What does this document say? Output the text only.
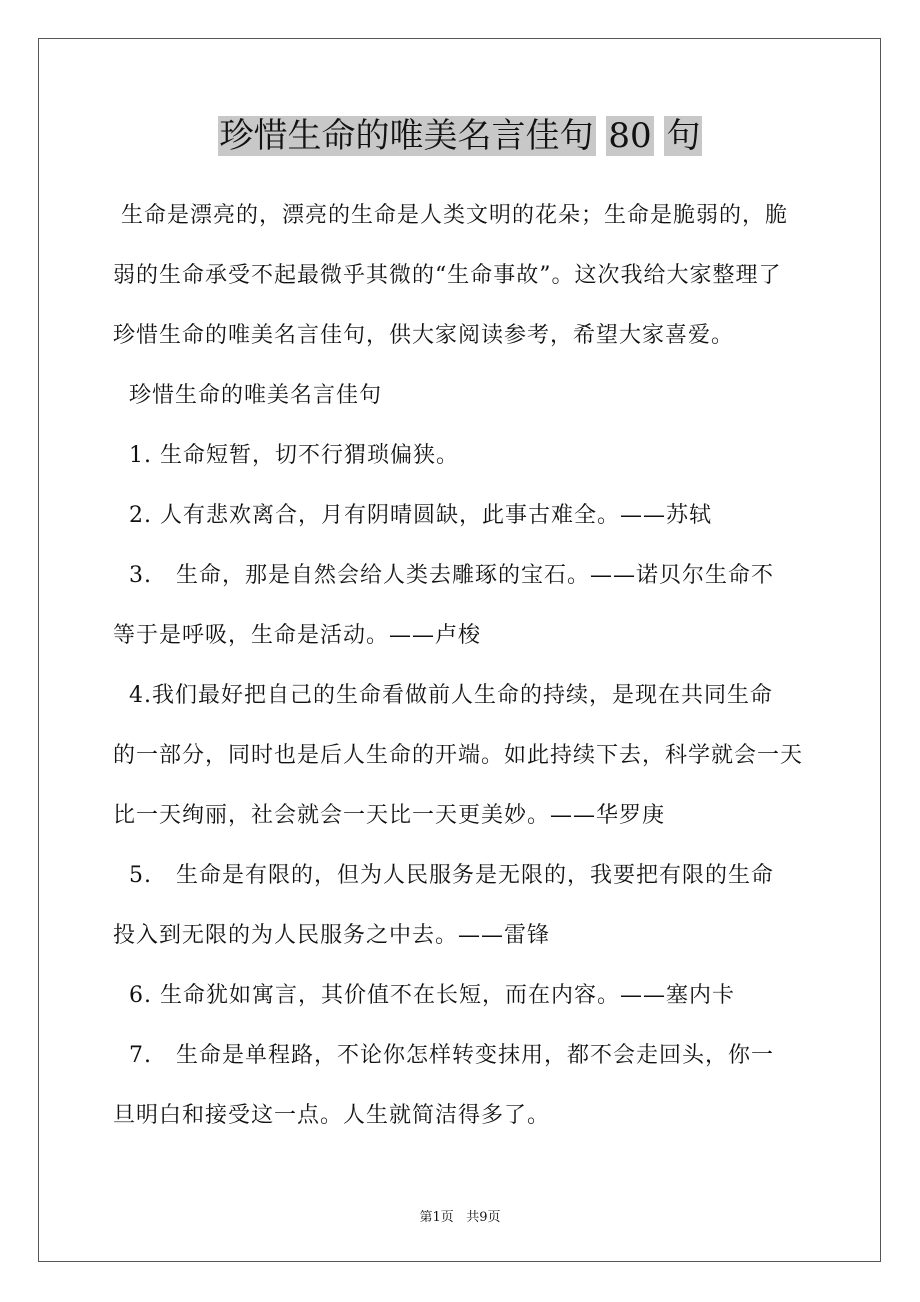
珍惜生命的唯美名言佳句 80 句
生命是漂亮的，漂亮的生命是人类文明的花朵；生命是脆弱的，脆
弱的生命承受不起最微乎其微的“生命事故”。这次我给大家整理了
珍惜生命的唯美名言佳句，供大家阅读参考，希望大家喜爱。
珍惜生命的唯美名言佳句
1. 生命短暂，切不行猬琐偏狭。
2. 人有悲欢离合，月有阴晴圆缺，此事古难全。——苏轼
3.   生命，那是自然会给人类去雕琢的宝石。——诺贝尔生命不
等于是呼吸，生命是活动。——卢梭
4.我们最好把自己的生命看做前人生命的持续，是现在共同生命
的一部分，同时也是后人生命的开端。如此持续下去，科学就会一天
比一天绚丽，社会就会一天比一天更美妙。——华罗庚
5.   生命是有限的，但为人民服务是无限的，我要把有限的生命
投入到无限的为人民服务之中去。——雷锋
6. 生命犹如寓言，其价值不在长短，而在内容。——塞内卡
7.   生命是单程路，不论你怎样转变抹用，都不会走回头，你一
旦明白和接受这一点。人生就简洁得多了。
第1页 共9页
